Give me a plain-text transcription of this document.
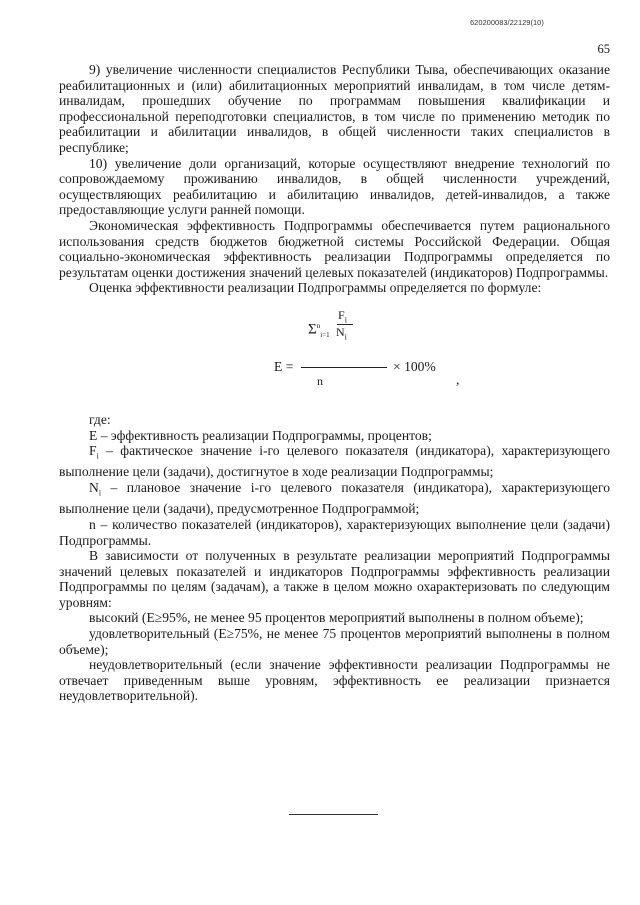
620200083/22129(10)
65

9) увеличение численности специалистов Республики Тыва, обеспечивающих оказание реабилитационных и (или) абилитационных мероприятий инвалидам, в том числе детям-инвалидам, прошедших обучение по программам повышения квалификации и профессиональной переподготовки специалистов, в том числе по применению методик по реабилитации и абилитации инвалидов, в общей численности таких специалистов в республике;

10) увеличение доли организаций, которые осуществляют внедрение технологий по сопровождаемому проживанию инвалидов, в общей численности учреждений, осуществляющих реабилитацию и абилитацию инвалидов, детей-инвалидов, а также предоставляющие услуги ранней помощи.

Экономическая эффективность Подпрограммы обеспечивается путем рационального использования средств бюджетов бюджетной системы Российской Федерации. Общая социально-экономическая эффективность реализации Подпрограммы определяется по результатам оценки достижения значений целевых показателей (индикаторов) Подпрограммы.

Оценка эффективности реализации Подпрограммы определяется по формуле:

E =
$\Sigma^n_{i=1}$
$F_i$
$N_i$
n
× 100%
,

где:

E – эффективность реализации Подпрограммы, процентов;

$F_i$ – фактическое значение i-го целевого показателя (индикатора), характеризующего выполнение цели (задачи), достигнутое в ходе реализации Подпрограммы;

$N_i$ – плановое значение i-го целевого показателя (индикатора), характеризующего выполнение цели (задачи), предусмотренное Подпрограммой;

n – количество показателей (индикаторов), характеризующих выполнение цели (задачи) Подпрограммы.

В зависимости от полученных в результате реализации мероприятий Подпрограммы значений целевых показателей и индикаторов Подпрограммы эффективность реализации Подпрограммы по целям (задачам), а также в целом можно охарактеризовать по следующим уровням:

высокий (E≥95%, не менее 95 процентов мероприятий выполнены в полном объеме);

удовлетворительный (E≥75%, не менее 75 процентов мероприятий выполнены в полном объеме);

неудовлетворительный (если значение эффективности реализации Подпрограммы не отвечает приведенным выше уровням, эффективность ее реализации признается неудовлетворительной).
